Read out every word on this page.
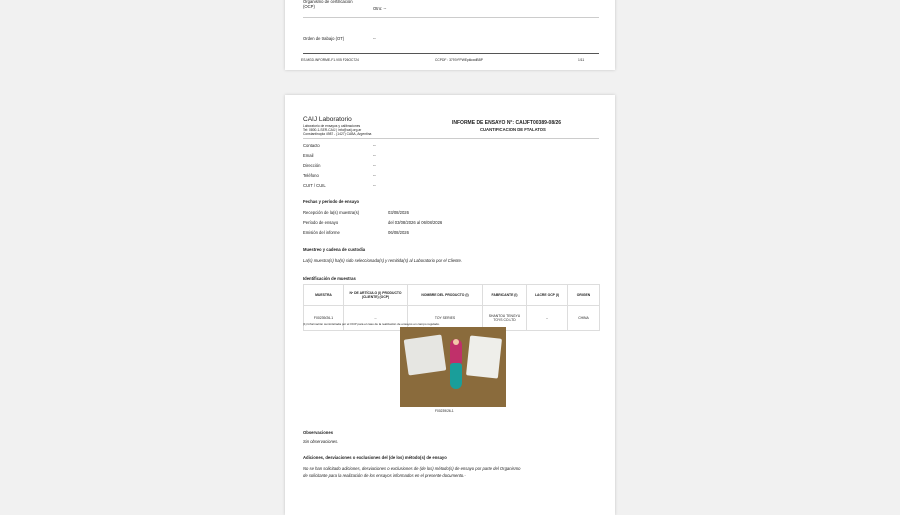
Organismo de certificación (OCP)	Otro: --
Orden de trabajo (OT)	--
ES.MGD.INFORME-F1.V05 F26OC724	CCPDF : 3797rFPWEpkkwdBBP	1/11
CAIJ Laboratorio
Laboratorio de ensayos y calibraciones
Tel: 0800-1-SER-CAIJ | info@caij.org.ar
Constantinopla 4987 - (1427) CABA, Argentina
INFORME DE ENSAYO N°: CAIJFT00389-08/26
CUANTIFICACION DE FTALATOS
Contacto	--
Email	--
Dirección	--
Teléfono	--
CUIT / CUIL	--
Fechas y período de ensayo
Recepción de la(s) muestra(s)	03/08/2026
Período de ensayo	del 03/08/2026 al 06/08/2026
Emisión del informe	06/08/2026
Muestreo y cadena de custodia
La(s) muestra(s) ha(n) sido seleccionada(s) y remitida(s) al Laboratorio por el Cliente.
Identificación de muestras
MUESTRA	Nº DE ARTÍCULO (I) PRODUCTO (CLIENTE) (OCP)	NOMBRE DEL PRODUCTO (I)	FABRICANTE (I)	LACRE OCP (I)	ORIGEN
F00239/26-1	--	TOY SERIES	SHANTOU TENGYU TOYS CO.LTD	--	CHINA
(1) Información suministrada por el OCP para el caso de la realización de ensayos en campo regulado.
F00239/26-1
Observaciones
Sin observaciones.
Adiciones, desviaciones o exclusiones del (de los) método(s) de ensayo
No se han solicitado adiciones, desviaciones o exclusiones de (de los) método(s) de ensayo por parte del Organismo
de solicitante para la realización de los ensayos informados en el presente documento.-
